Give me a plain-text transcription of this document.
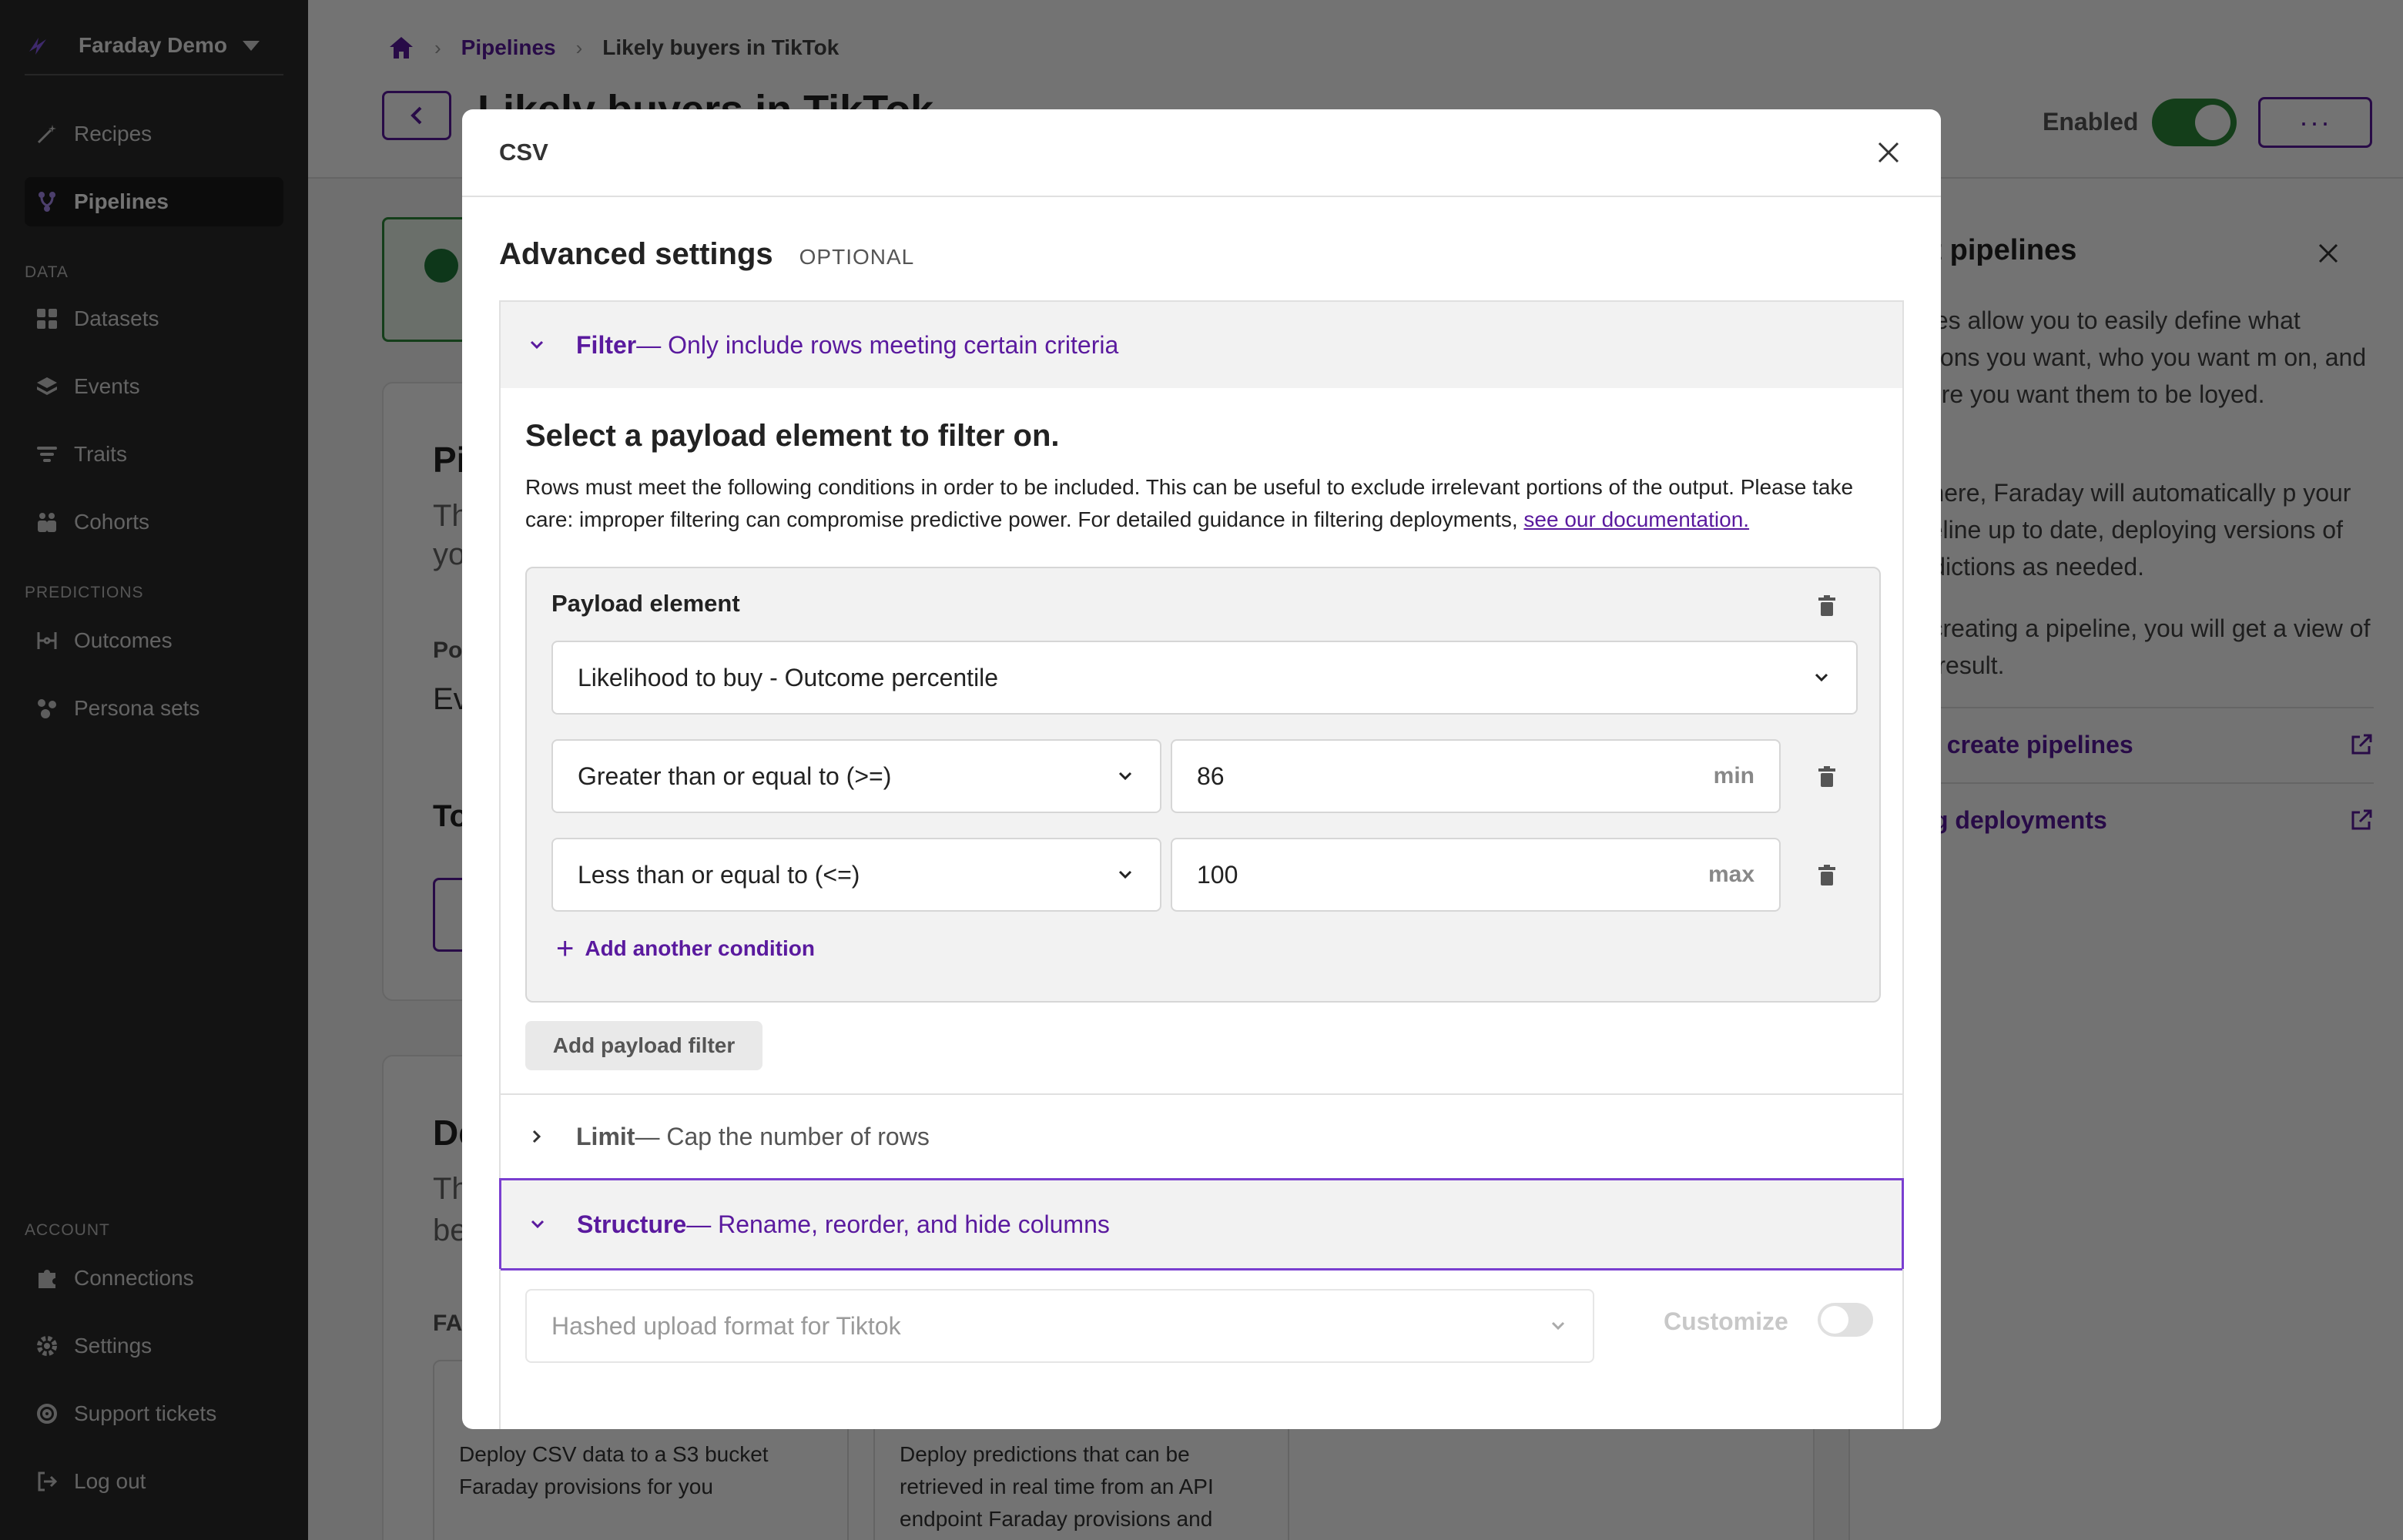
CSV
Advanced settings OPTIONAL
Filter — Only include rows meeting certain criteria
Select a payload element to filter on.
Rows must meet the following conditions in order to be included. This can be useful to exclude irrelevant portions of the output. Please take care: improper filtering can compromise predictive power. For detailed guidance in filtering deployments, see our documentation.
Payload element
Likelihood to buy - Outcome percentile
Greater than or equal to (>=)	86	min
Less than or equal to (<=)	100	max
+ Add another condition
Add payload filter
Limit — Cap the number of rows
Structure — Rename, reorder, and hide columns
Hashed upload format for Tiktok	Customize
